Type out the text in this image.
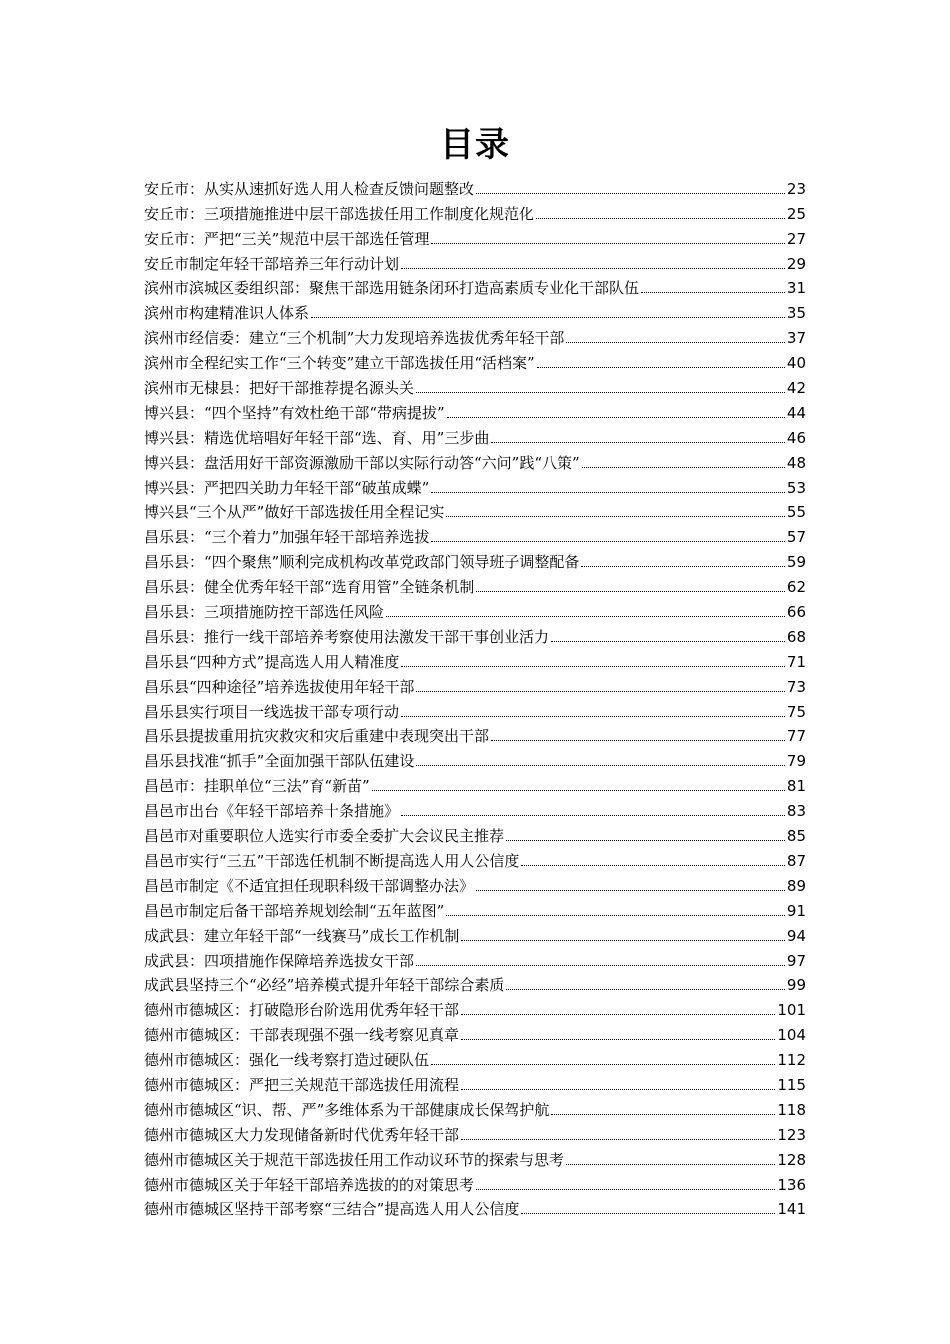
目录
安丘市：从实从速抓好选人用人检查反馈问题整改	23
安丘市：三项措施推进中层干部选拔任用工作制度化规范化	25
安丘市：严把“三关”规范中层干部选任管理	27
安丘市制定年轻干部培养三年行动计划	29
滨州市滨城区委组织部：聚焦干部选用链条闭环打造高素质专业化干部队伍	31
滨州市构建精准识人体系	35
滨州市经信委：建立“三个机制”大力发现培养选拔优秀年轻干部	37
滨州市全程纪实工作“三个转变”建立干部选拔任用“活档案”	40
滨州市无棣县：把好干部推荐提名源头关	42
博兴县：“四个坚持”有效杜绝干部“带病提拔”	44
博兴县：精选优培唱好年轻干部“选、育、用”三步曲	46
博兴县：盘活用好干部资源激励干部以实际行动答“六问”践“八策”	48
博兴县：严把四关助力年轻干部“破茧成蝶”	53
博兴县“三个从严”做好干部选拔任用全程记实	55
昌乐县：“三个着力”加强年轻干部培养选拔	57
昌乐县：“四个聚焦”顺利完成机构改革党政部门领导班子调整配备	59
昌乐县：健全优秀年轻干部“选育用管”全链条机制	62
昌乐县：三项措施防控干部选任风险	66
昌乐县：推行一线干部培养考察使用法激发干部干事创业活力	68
昌乐县“四种方式”提高选人用人精准度	71
昌乐县“四种途径”培养选拔使用年轻干部	73
昌乐县实行项目一线选拔干部专项行动	75
昌乐县提拔重用抗灾救灾和灾后重建中表现突出干部	77
昌乐县找准“抓手”全面加强干部队伍建设	79
昌邑市：挂职单位“三法”育“新苗”	81
昌邑市出台《年轻干部培养十条措施》	83
昌邑市对重要职位人选实行市委全委扩大会议民主推荐	85
昌邑市实行“三五”干部选任机制不断提高选人用人公信度	87
昌邑市制定《不适宜担任现职科级干部调整办法》	89
昌邑市制定后备干部培养规划绘制“五年蓝图”	91
成武县：建立年轻干部“一线赛马”成长工作机制	94
成武县：四项措施作保障培养选拔女干部	97
成武县坚持三个“必经”培养模式提升年轻干部综合素质	99
德州市德城区：打破隐形台阶选用优秀年轻干部	101
德州市德城区：干部表现强不强一线考察见真章	104
德州市德城区：强化一线考察打造过硬队伍	112
德州市德城区：严把三关规范干部选拔任用流程	115
德州市德城区“识、帮、严”多维体系为干部健康成长保驾护航	118
德州市德城区大力发现储备新时代优秀年轻干部	123
德州市德城区关于规范干部选拔任用工作动议环节的探索与思考	128
德州市德城区关于年轻干部培养选拔的的对策思考	136
德州市德城区坚持干部考察“三结合”提高选人用人公信度	141
